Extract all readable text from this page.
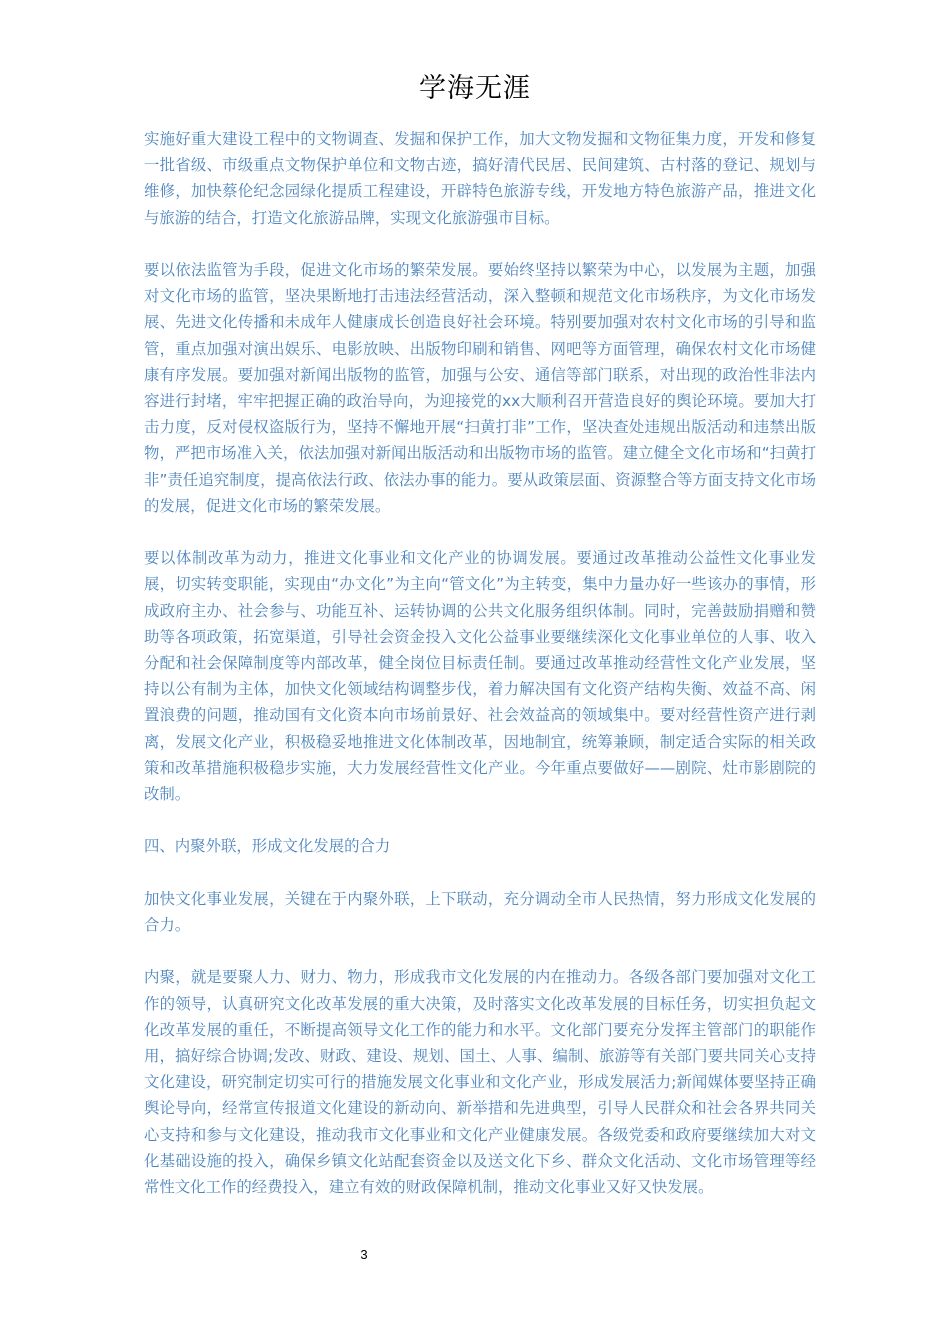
学海无涯

实施好重大建设工程中的文物调查、发掘和保护工作，加大文物发掘和文物征集力度，开发和修复一批省级、市级重点文物保护单位和文物古迹，搞好清代民居、民间建筑、古村落的登记、规划与维修，加快蔡伦纪念园绿化提质工程建设，开辟特色旅游专线，开发地方特色旅游产品，推进文化与旅游的结合，打造文化旅游品牌，实现文化旅游强市目标。

要以依法监管为手段，促进文化市场的繁荣发展。要始终坚持以繁荣为中心，以发展为主题，加强对文化市场的监管，坚决果断地打击违法经营活动，深入整顿和规范文化市场秩序，为文化市场发展、先进文化传播和未成年人健康成长创造良好社会环境。特别要加强对农村文化市场的引导和监管，重点加强对演出娱乐、电影放映、出版物印刷和销售、网吧等方面管理，确保农村文化市场健康有序发展。要加强对新闻出版物的监管，加强与公安、通信等部门联系，对出现的政治性非法内容进行封堵，牢牢把握正确的政治导向，为迎接党的xx大顺利召开营造良好的舆论环境。要加大打击力度，反对侵权盗版行为，坚持不懈地开展“扫黄打非”工作，坚决查处违规出版活动和违禁出版物，严把市场准入关，依法加强对新闻出版活动和出版物市场的监管。建立健全文化市场和“扫黄打非”责任追究制度，提高依法行政、依法办事的能力。要从政策层面、资源整合等方面支持文化市场的发展，促进文化市场的繁荣发展。

要以体制改革为动力，推进文化事业和文化产业的协调发展。要通过改革推动公益性文化事业发展，切实转变职能，实现由“办文化”为主向“管文化”为主转变，集中力量办好一些该办的事情，形成政府主办、社会参与、功能互补、运转协调的公共文化服务组织体制。同时，完善鼓励捐赠和赞助等各项政策，拓宽渠道，引导社会资金投入文化公益事业要继续深化文化事业单位的人事、收入分配和社会保障制度等内部改革，健全岗位目标责任制。要通过改革推动经营性文化产业发展，坚持以公有制为主体，加快文化领域结构调整步伐，着力解决国有文化资产结构失衡、效益不高、闲置浪费的问题，推动国有文化资本向市场前景好、社会效益高的领域集中。要对经营性资产进行剥离，发展文化产业，积极稳妥地推进文化体制改革，因地制宜，统筹兼顾，制定适合实际的相关政策和改革措施积极稳步实施，大力发展经营性文化产业。今年重点要做好——剧院、灶市影剧院的改制。

四、内聚外联，形成文化发展的合力

加快文化事业发展，关键在于内聚外联，上下联动，充分调动全市人民热情，努力形成文化发展的合力。

内聚，就是要聚人力、财力、物力，形成我市文化发展的内在推动力。各级各部门要加强对文化工作的领导，认真研究文化改革发展的重大决策，及时落实文化改革发展的目标任务，切实担负起文化改革发展的重任，不断提高领导文化工作的能力和水平。文化部门要充分发挥主管部门的职能作用，搞好综合协调;发改、财政、建设、规划、国土、人事、编制、旅游等有关部门要共同关心支持文化建设，研究制定切实可行的措施发展文化事业和文化产业，形成发展活力;新闻媒体要坚持正确舆论导向，经常宣传报道文化建设的新动向、新举措和先进典型，引导人民群众和社会各界共同关心支持和参与文化建设，推动我市文化事业和文化产业健康发展。各级党委和政府要继续加大对文化基础设施的投入，确保乡镇文化站配套资金以及送文化下乡、群众文化活动、文化市场管理等经常性文化工作的经费投入，建立有效的财政保障机制，推动文化事业又好又快发展。

3
